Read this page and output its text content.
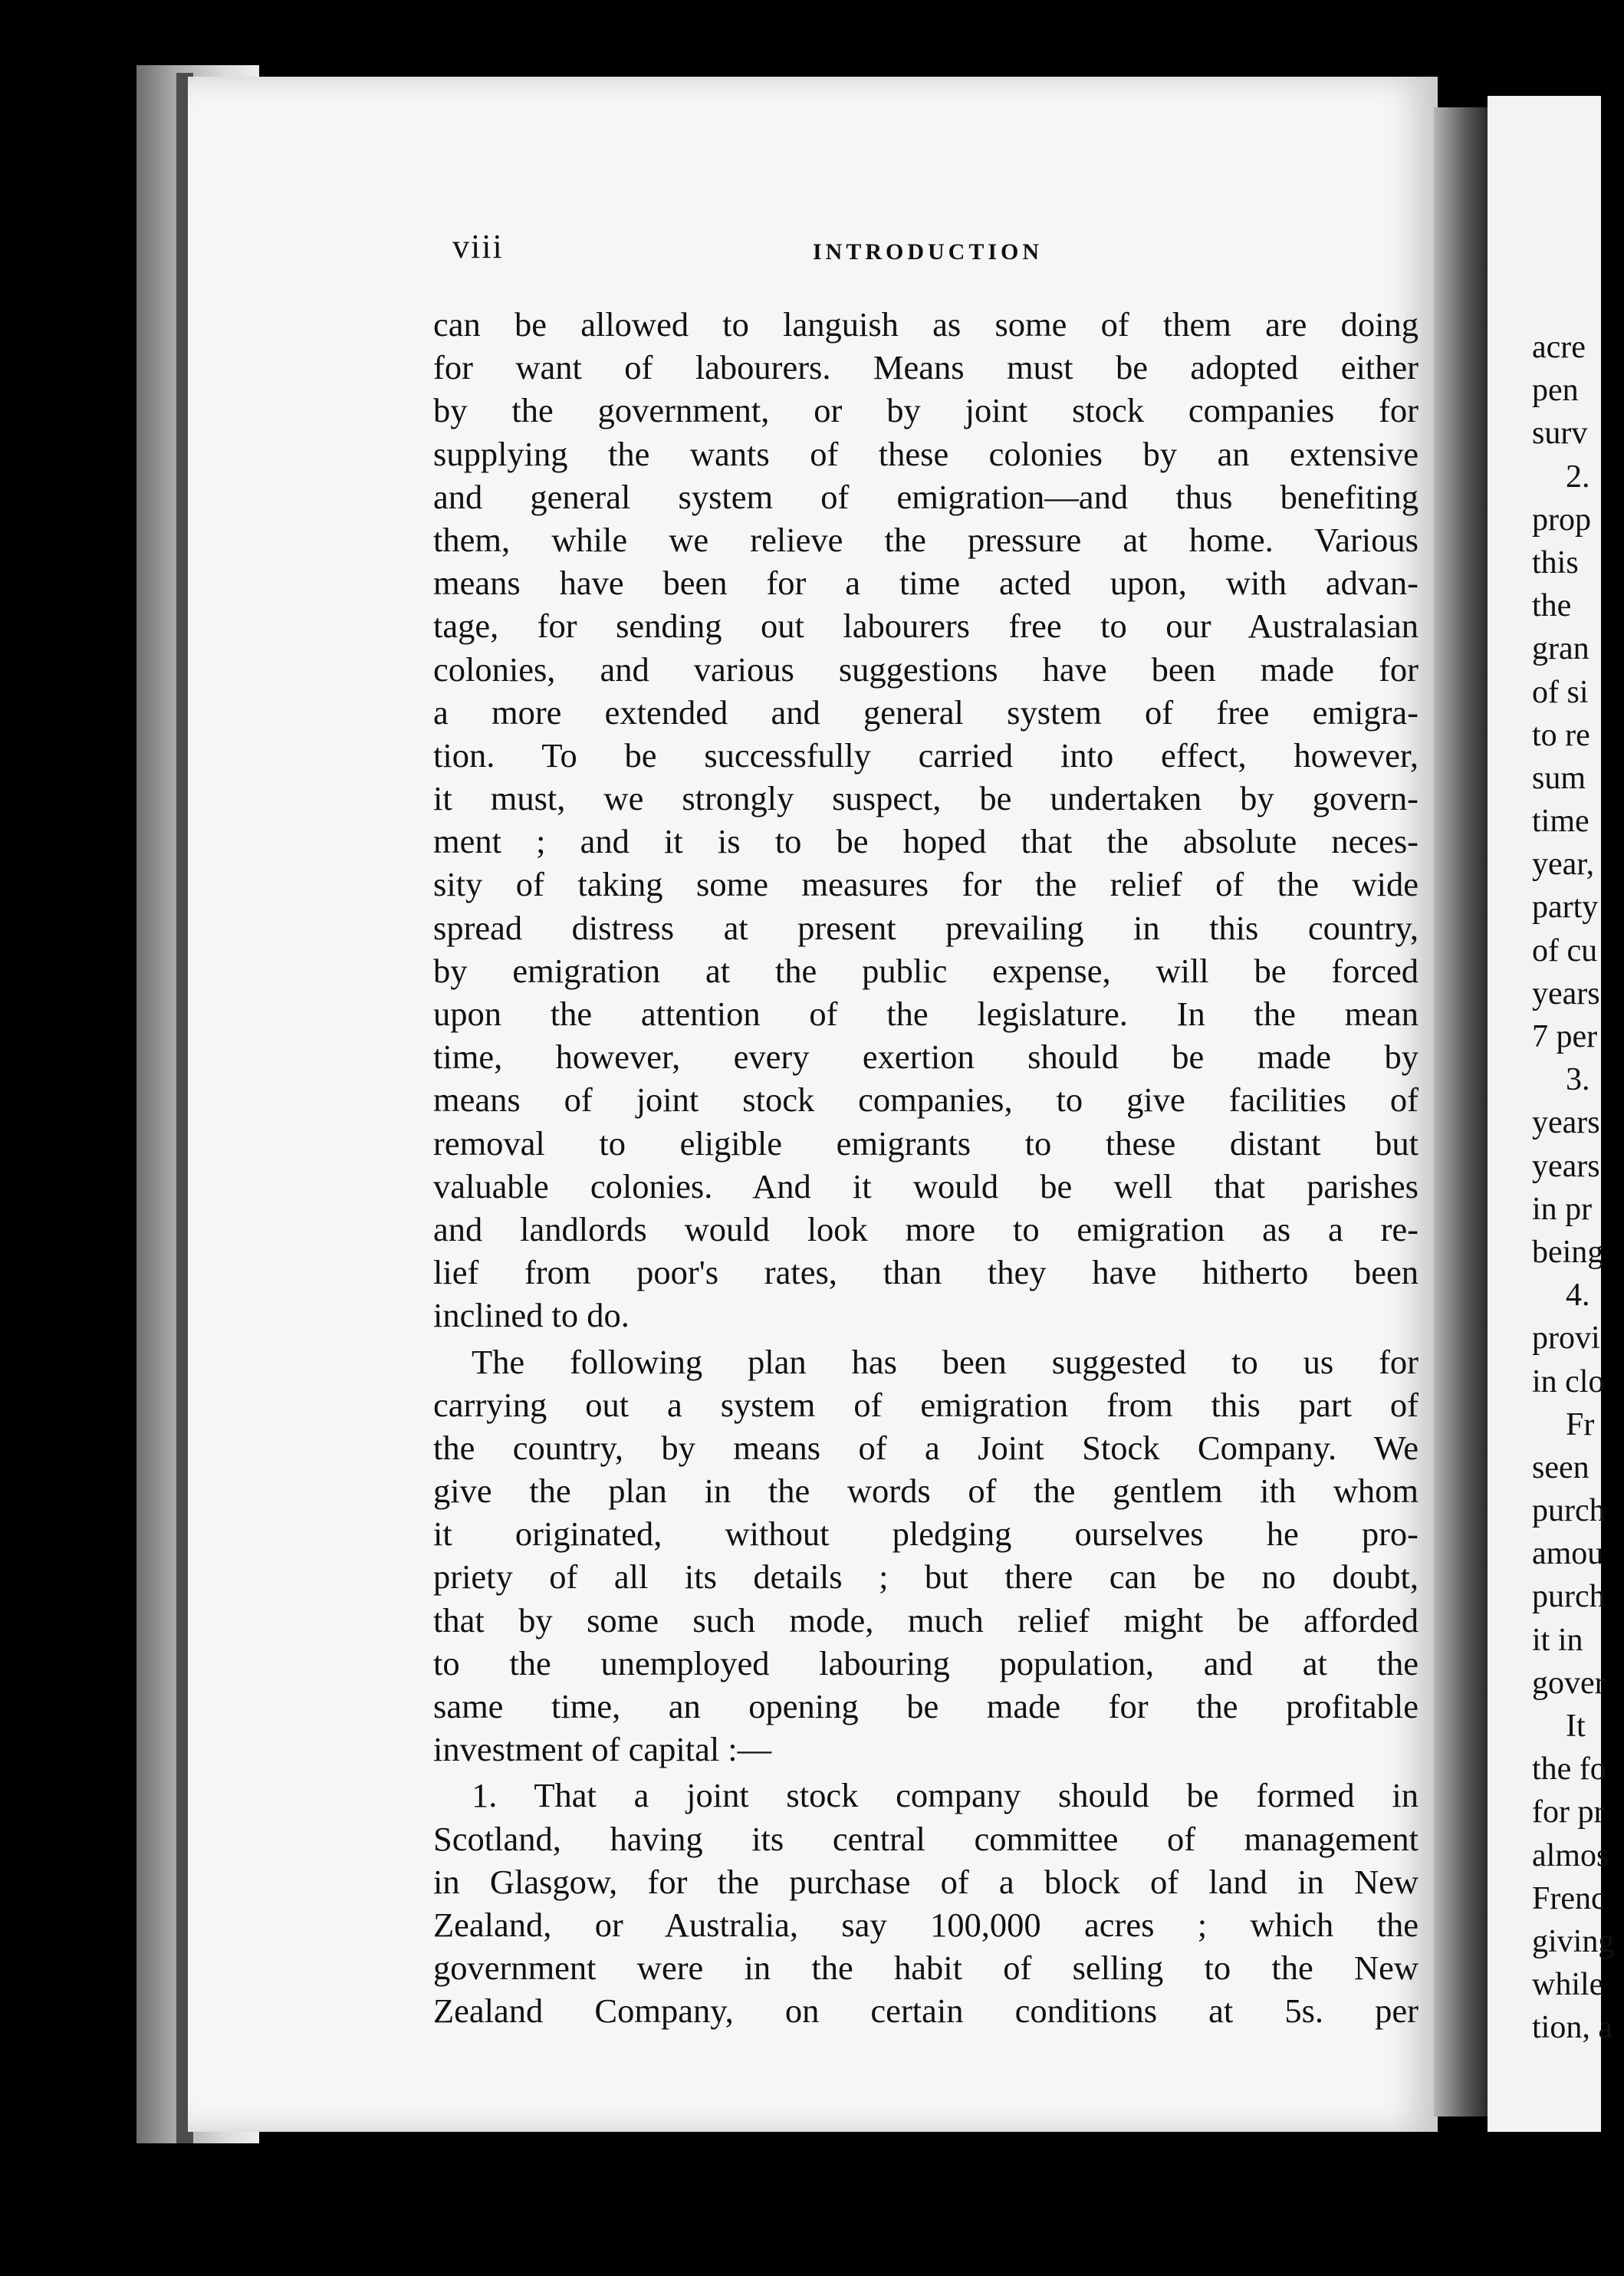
viii	INTRODUCTION
can be allowed to languish as some of them are doing
for want of labourers. Means must be adopted either
by the government, or by joint stock companies for
supplying the wants of these colonies by an extensive
and general system of emigration—and thus benefiting
them, while we relieve the pressure at home. Various
means have been for a time acted upon, with advan-
tage, for sending out labourers free to our Australasian
colonies, and various suggestions have been made for
a more extended and general system of free emigra-
tion. To be successfully carried into effect, however,
it must, we strongly suspect, be undertaken by govern-
ment ; and it is to be hoped that the absolute neces-
sity of taking some measures for the relief of the wide
spread distress at present prevailing in this country,
by emigration at the public expense, will be forced
upon the attention of the legislature. In the mean
time, however, every exertion should be made by
means of joint stock companies, to give facilities of
removal to eligible emigrants to these distant but
valuable colonies. And it would be well that parishes
and landlords would look more to emigration as a re-
lief from poor's rates, than they have hitherto been
inclined to do.
The following plan has been suggested to us for
carrying out a system of emigration from this part of
the country, by means of a Joint Stock Company. We
give the plan in the words of the gentlem ith whom
it originated, without pledging ourselves he pro-
priety of all its details ; but there can be no doubt,
that by some such mode, much relief might be afforded
to the unemployed labouring population, and at the
same time, an opening be made for the profitable
investment of capital :—
1. That a joint stock company should be formed in
Scotland, having its central committee of management
in Glasgow, for the purchase of a block of land in New
Zealand, or Australia, say 100,000 acres ; which the
government were in the habit of selling to the New
Zealand Company, on certain conditions at 5s. per
acre
pen
surv
2.
prop
this
the
gran
of si
to re
sum
time
year,
party
of cu
years
7 per
3.
years
years
in pr
being
4.
provi
in clo
Fr
seen
purch
amou
purch
it in
gover
It
the fo
for pr
almos
Frenc
giving
while
tion, a
